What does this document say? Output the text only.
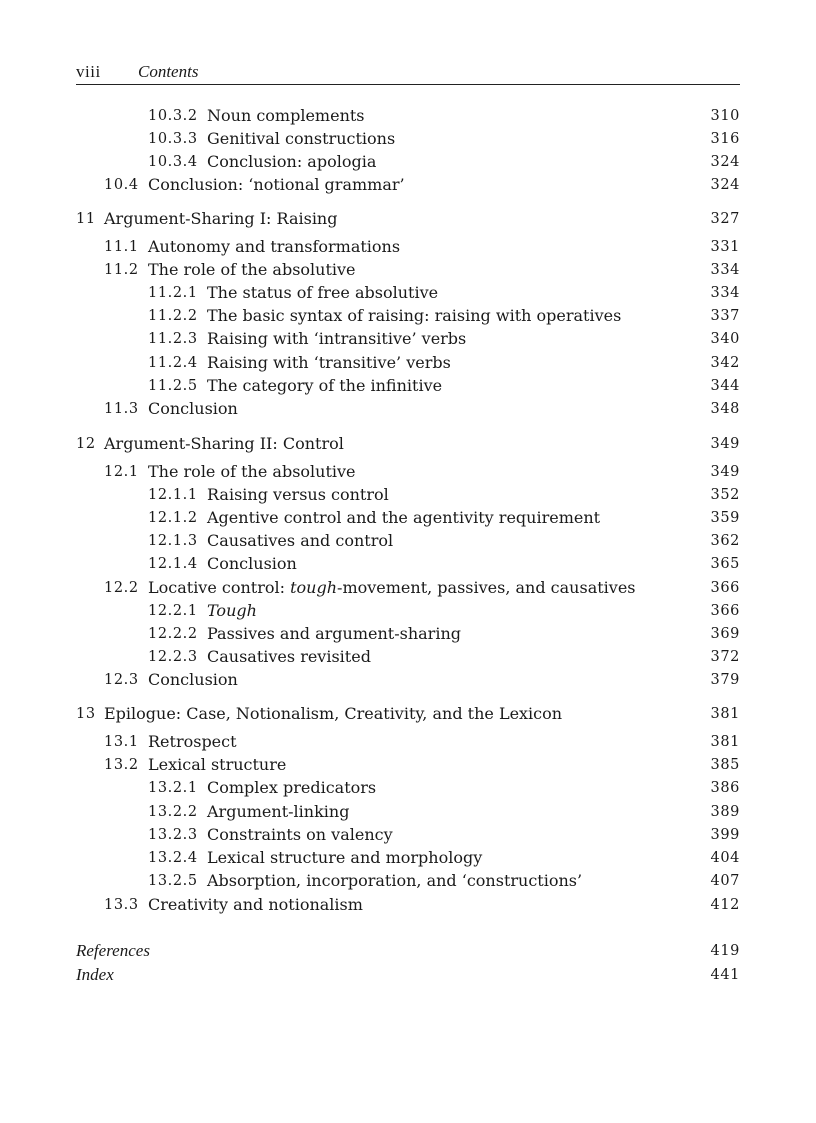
viii Contents
10.3.2 Noun complements	310
10.3.3 Genitival constructions	316
10.3.4 Conclusion: apologia	324
10.4 Conclusion: ‘notional grammar’	324
11 Argument-Sharing I: Raising	327
11.1 Autonomy and transformations	331
11.2 The role of the absolutive	334
11.2.1 The status of free absolutive	334
11.2.2 The basic syntax of raising: raising with operatives	337
11.2.3 Raising with ‘intransitive’ verbs	340
11.2.4 Raising with ‘transitive’ verbs	342
11.2.5 The category of the infinitive	344
11.3 Conclusion	348
12 Argument-Sharing II: Control	349
12.1 The role of the absolutive	349
12.1.1 Raising versus control	352
12.1.2 Agentive control and the agentivity requirement	359
12.1.3 Causatives and control	362
12.1.4 Conclusion	365
12.2 Locative control: tough-movement, passives, and causatives	366
12.2.1 Tough	366
12.2.2 Passives and argument-sharing	369
12.2.3 Causatives revisited	372
12.3 Conclusion	379
13 Epilogue: Case, Notionalism, Creativity, and the Lexicon	381
13.1 Retrospect	381
13.2 Lexical structure	385
13.2.1 Complex predicators	386
13.2.2 Argument-linking	389
13.2.3 Constraints on valency	399
13.2.4 Lexical structure and morphology	404
13.2.5 Absorption, incorporation, and ‘constructions’	407
13.3 Creativity and notionalism	412
References	419
Index	441
